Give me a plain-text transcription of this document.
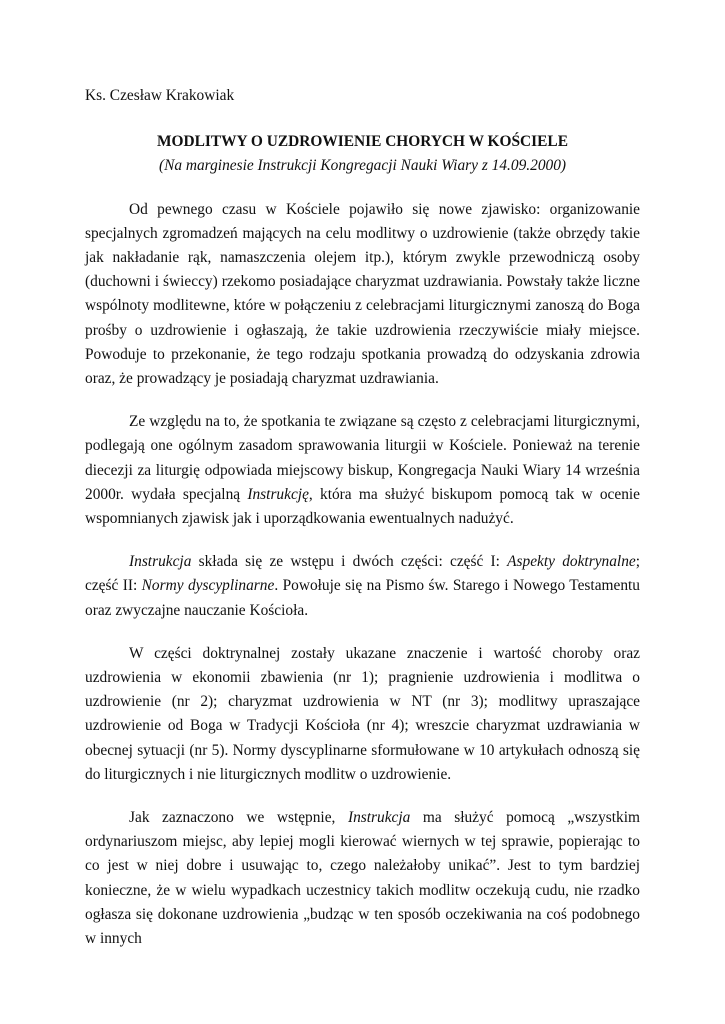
Ks. Czesław Krakowiak

MODLITWY O UZDROWIENIE CHORYCH W KOŚCIELE

(Na marginesie Instrukcji Kongregacji Nauki Wiary z 14.09.2000)

Od pewnego czasu w Kościele pojawiło się nowe zjawisko: organizowanie specjalnych zgromadzeń mających na celu modlitwy o uzdrowienie (także obrzędy takie jak nakładanie rąk, namaszczenia olejem itp.), którym zwykle przewodniczą osoby (duchowni i świeccy) rzekomo posiadające charyzmat uzdrawiania. Powstały także liczne wspólnoty modlitewne, które w połączeniu z celebracjami liturgicznymi zanoszą do Boga prośby o uzdrowienie i ogłaszają, że takie uzdrowienia rzeczywiście miały miejsce. Powoduje to przekonanie, że tego rodzaju spotkania prowadzą do odzyskania zdrowia oraz, że prowadzący je posiadają charyzmat uzdrawiania.

Ze względu na to, że spotkania te związane są często z celebracjami liturgicznymi, podlegają one ogólnym zasadom sprawowania liturgii w Kościele. Ponieważ na terenie diecezji za liturgię odpowiada miejscowy biskup, Kongregacja Nauki Wiary 14 września 2000r. wydała specjalną Instrukcję, która ma służyć biskupom pomocą tak w ocenie wspomnianych zjawisk jak i uporządkowania ewentualnych nadużyć.

Instrukcja składa się ze wstępu i dwóch części: część I: Aspekty doktrynalne; część II: Normy dyscyplinarne. Powołuje się na Pismo św. Starego i Nowego Testamentu oraz zwyczajne nauczanie Kościoła.

W części doktrynalnej zostały ukazane znaczenie i wartość choroby oraz uzdrowienia w ekonomii zbawienia (nr 1); pragnienie uzdrowienia i modlitwa o uzdrowienie (nr 2); charyzmat uzdrowienia w NT (nr 3); modlitwy upraszające uzdrowienie od Boga w Tradycji Kościoła (nr 4); wreszcie charyzmat uzdrawiania w obecnej sytuacji (nr 5). Normy dyscyplinarne sformułowane w 10 artykułach odnoszą się do liturgicznych i nie liturgicznych modlitw o uzdrowienie.

Jak zaznaczono we wstępnie, Instrukcja ma służyć pomocą „wszystkim ordynariuszom miejsc, aby lepiej mogli kierować wiernych w tej sprawie, popierając to co jest w niej dobre i usuwając to, czego należałoby unikać”. Jest to tym bardziej konieczne, że w wielu wypadkach uczestnicy takich modlitw oczekują cudu, nie rzadko ogłasza się dokonane uzdrowienia „budząc w ten sposób oczekiwania na coś podobnego w innych
